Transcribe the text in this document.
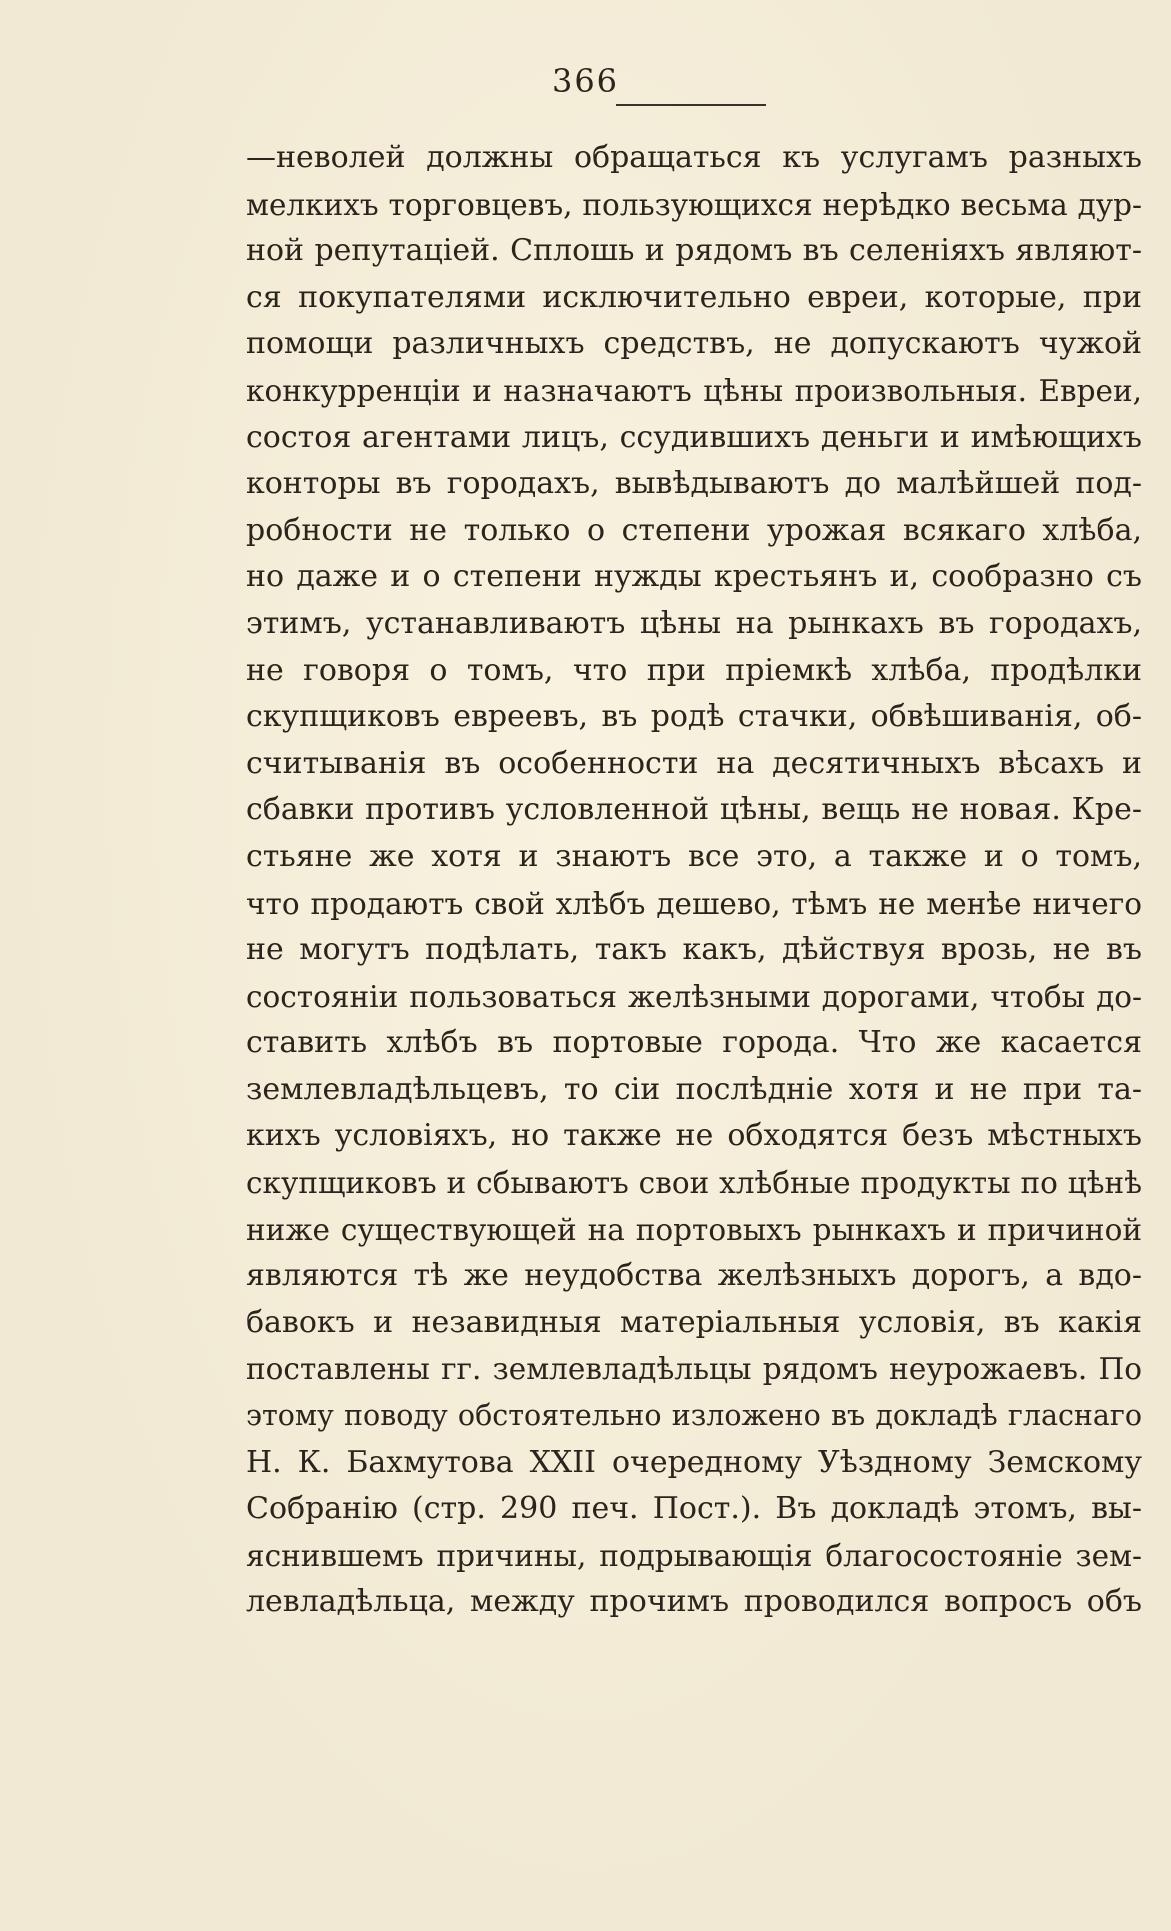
366
—неволей должны обращаться къ услугамъ разныхъ
мелкихъ торговцевъ, пользующихся нерѣдко весьма дур-
ной репутаціей. Сплошь и рядомъ въ селеніяхъ являют-
ся покупателями исключительно евреи, которые, при
помощи различныхъ средствъ, не допускаютъ чужой
конкурренціи и назначаютъ цѣны произвольныя. Евреи,
состоя агентами лицъ, ссудившихъ деньги и имѣющихъ
конторы въ городахъ, вывѣдываютъ до малѣйшей под-
робности не только о степени урожая всякаго хлѣба,
но даже и о степени нужды крестьянъ и, сообразно съ
этимъ, устанавливаютъ цѣны на рынкахъ въ городахъ,
не говоря о томъ, что при пріемкѣ хлѣба, продѣлки
скупщиковъ евреевъ, въ родѣ стачки, обвѣшиванія, об-
считыванія въ особенности на десятичныхъ вѣсахъ и
сбавки противъ условленной цѣны, вещь не новая. Кре-
стьяне же хотя и знаютъ все это, а также и о томъ,
что продаютъ свой хлѣбъ дешево, тѣмъ не менѣе ничего
не могутъ подѣлать, такъ какъ, дѣйствуя врозь, не въ
состояніи пользоваться желѣзными дорогами, чтобы до-
ставить хлѣбъ въ портовые города. Что же касается
землевладѣльцевъ, то сіи послѣдніе хотя и не при та-
кихъ условіяхъ, но также не обходятся безъ мѣстныхъ
скупщиковъ и сбываютъ свои хлѣбные продукты по цѣнѣ
ниже существующей на портовыхъ рынкахъ и причиной
являются тѣ же неудобства желѣзныхъ дорогъ, а вдо-
бавокъ и незавидныя матеріальныя условія, въ какія
поставлены гг. землевладѣльцы рядомъ неурожаевъ. По
этому поводу обстоятельно изложено въ докладѣ гласнаго
Н. К. Бахмутова XXII очередному Уѣздному Земскому
Собранію (стр. 290 печ. Пост.). Въ докладѣ этомъ, вы-
яснившемъ причины, подрывающія благосостояніе зем-
левладѣльца, между прочимъ проводился вопросъ объ
